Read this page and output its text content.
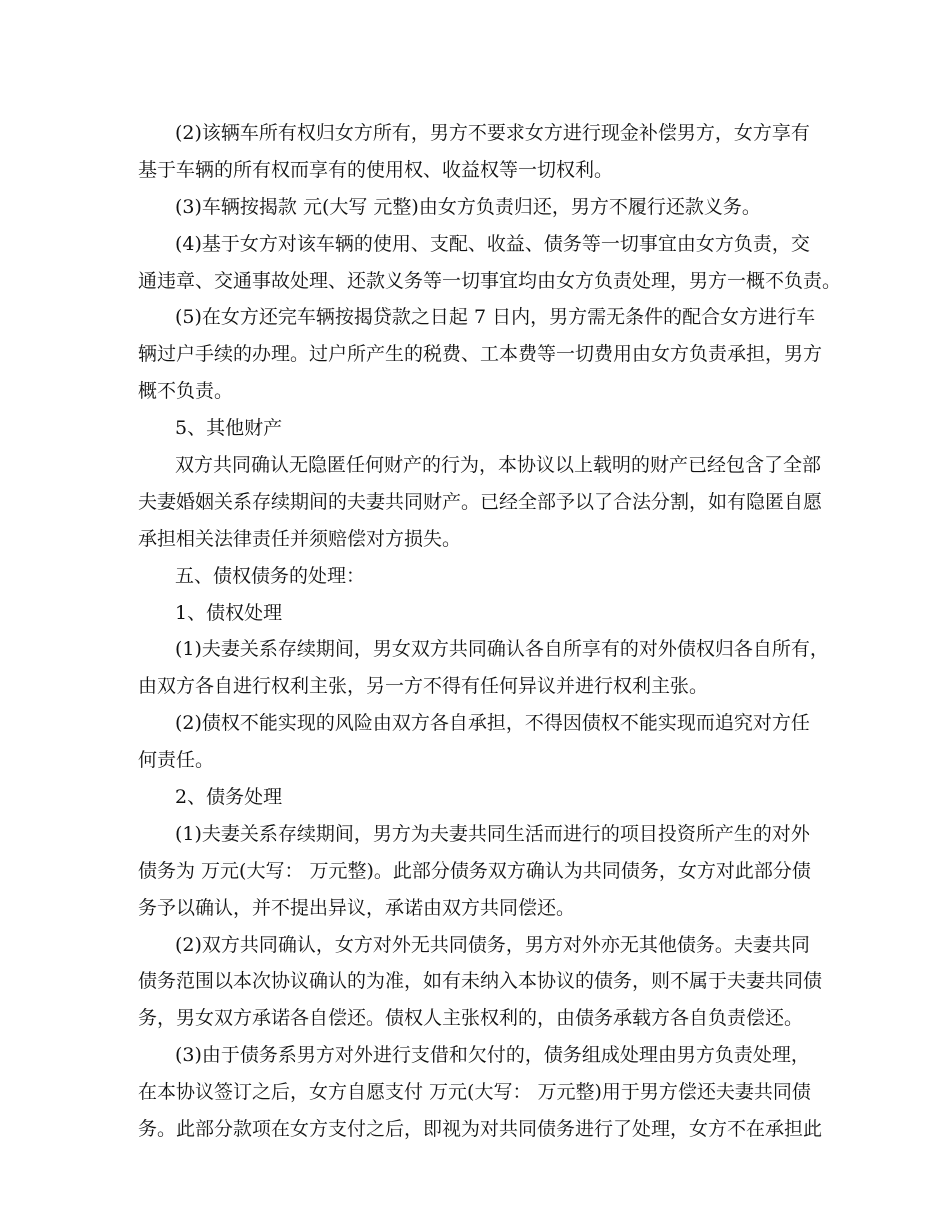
(2)该辆车所有权归女方所有，男方不要求女方进行现金补偿男方，女方享有
基于车辆的所有权而享有的使用权、收益权等一切权利。
(3)车辆按揭款 元(大写 元整)由女方负责归还，男方不履行还款义务。
(4)基于女方对该车辆的使用、支配、收益、债务等一切事宜由女方负责，交
通违章、交通事故处理、还款义务等一切事宜均由女方负责处理，男方一概不负责。
(5)在女方还完车辆按揭贷款之日起 7 日内，男方需无条件的配合女方进行车
辆过户手续的办理。过户所产生的税费、工本费等一切费用由女方负责承担，男方
概不负责。
5、其他财产
双方共同确认无隐匿任何财产的行为，本协议以上载明的财产已经包含了全部
夫妻婚姻关系存续期间的夫妻共同财产。已经全部予以了合法分割，如有隐匿自愿
承担相关法律责任并须赔偿对方损失。
五、债权债务的处理：
1、债权处理
(1)夫妻关系存续期间，男女双方共同确认各自所享有的对外债权归各自所有，
由双方各自进行权利主张，另一方不得有任何异议并进行权利主张。
(2)债权不能实现的风险由双方各自承担，不得因债权不能实现而追究对方任
何责任。
2、债务处理
(1)夫妻关系存续期间，男方为夫妻共同生活而进行的项目投资所产生的对外
债务为 万元(大写： 万元整)。此部分债务双方确认为共同债务，女方对此部分债
务予以确认，并不提出异议，承诺由双方共同偿还。
(2)双方共同确认，女方对外无共同债务，男方对外亦无其他债务。夫妻共同
债务范围以本次协议确认的为准，如有未纳入本协议的债务，则不属于夫妻共同债
务，男女双方承诺各自偿还。债权人主张权利的，由债务承载方各自负责偿还。
(3)由于债务系男方对外进行支借和欠付的，债务组成处理由男方负责处理，
在本协议签订之后，女方自愿支付 万元(大写： 万元整)用于男方偿还夫妻共同债
务。此部分款项在女方支付之后，即视为对共同债务进行了处理，女方不在承担此
